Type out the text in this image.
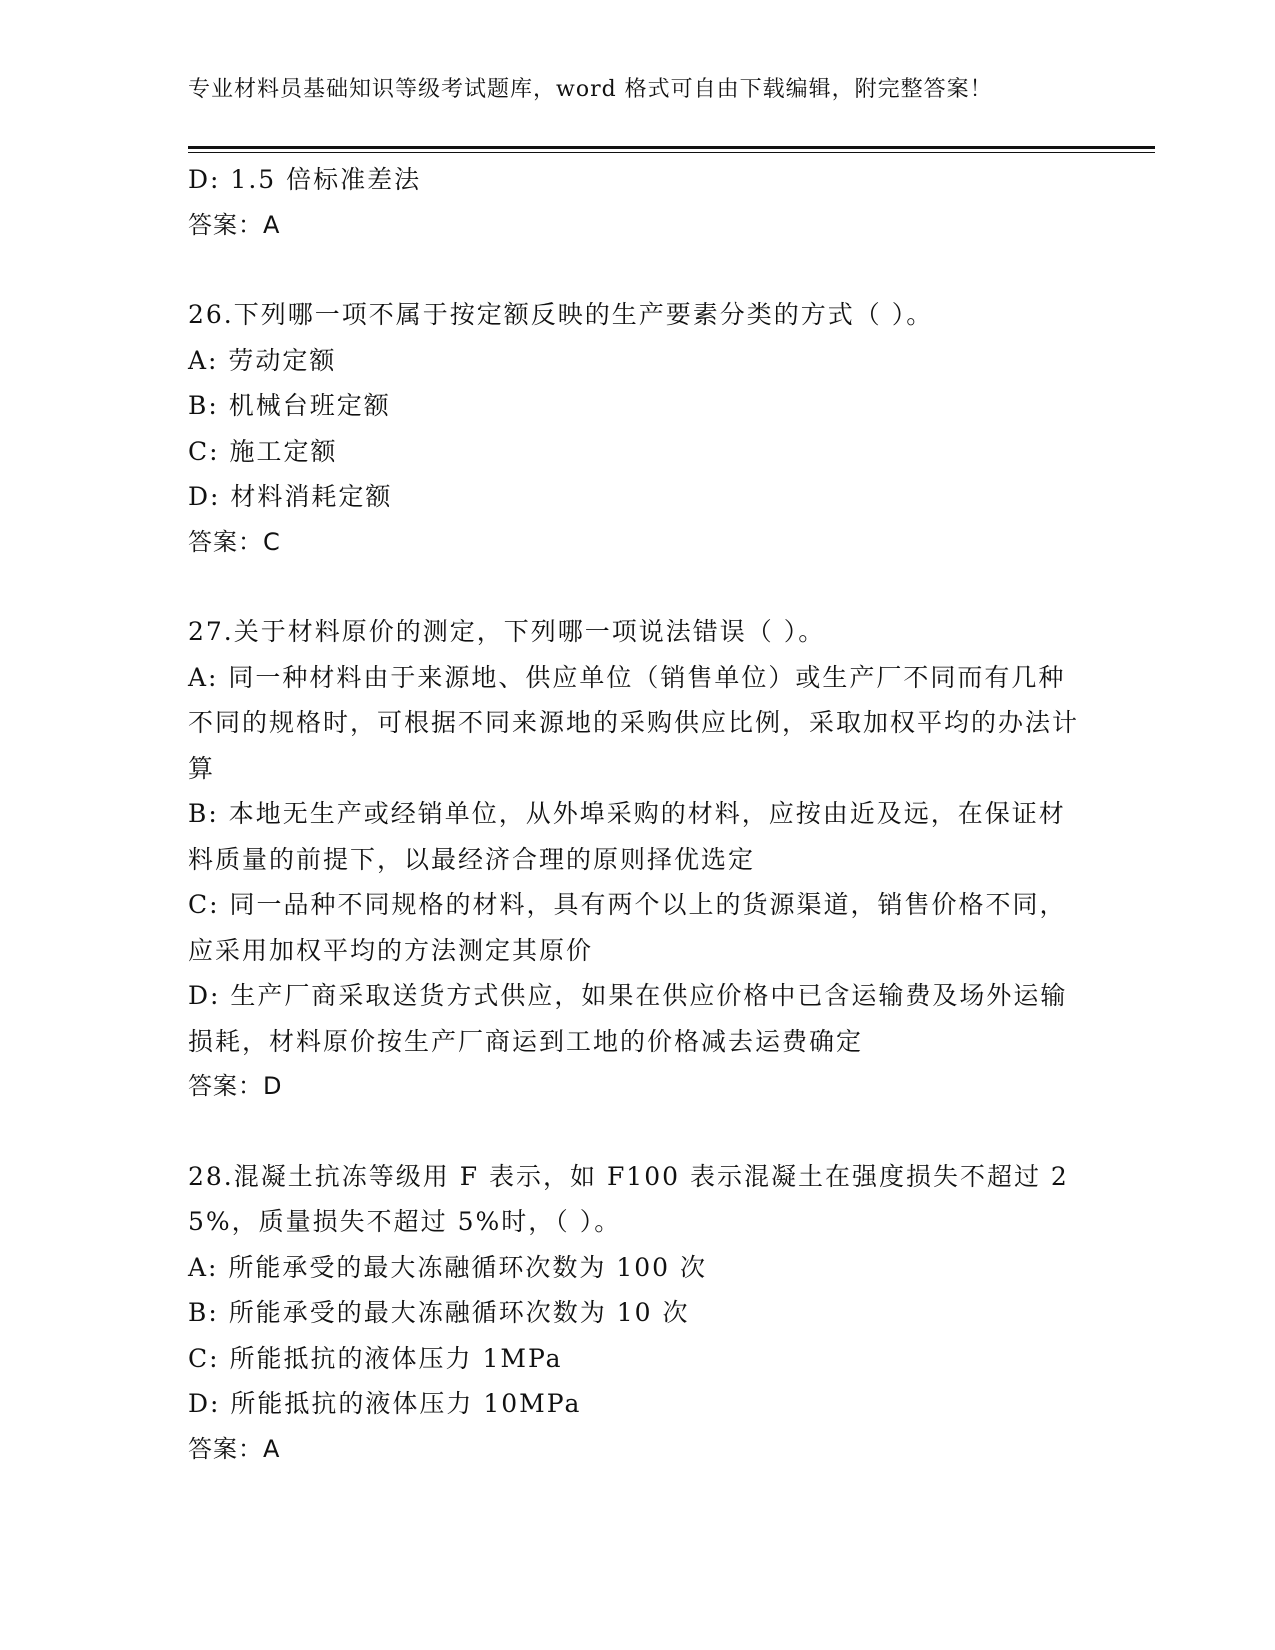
专业材料员基础知识等级考试题库，word 格式可自由下载编辑，附完整答案！
D: 1.5 倍标准差法
答案：A
26.下列哪一项不属于按定额反映的生产要素分类的方式（ ）。
A: 劳动定额
B: 机械台班定额
C: 施工定额
D: 材料消耗定额
答案：C
27.关于材料原价的测定，下列哪一项说法错误（ ）。
A: 同一种材料由于来源地、供应单位（销售单位）或生产厂不同而有几种不同的规格时，可根据不同来源地的采购供应比例，采取加权平均的办法计算
B: 本地无生产或经销单位，从外埠采购的材料，应按由近及远，在保证材料质量的前提下，以最经济合理的原则择优选定
C: 同一品种不同规格的材料，具有两个以上的货源渠道，销售价格不同，应采用加权平均的方法测定其原价
D: 生产厂商采取送货方式供应，如果在供应价格中已含运输费及场外运输损耗，材料原价按生产厂商运到工地的价格减去运费确定
答案：D
28.混凝土抗冻等级用 F 表示，如 F100 表示混凝土在强度损失不超过 25%，质量损失不超过 5%时，（ ）。
A: 所能承受的最大冻融循环次数为 100 次
B: 所能承受的最大冻融循环次数为 10 次
C: 所能抵抗的液体压力 1MPa
D: 所能抵抗的液体压力 10MPa
答案：A
